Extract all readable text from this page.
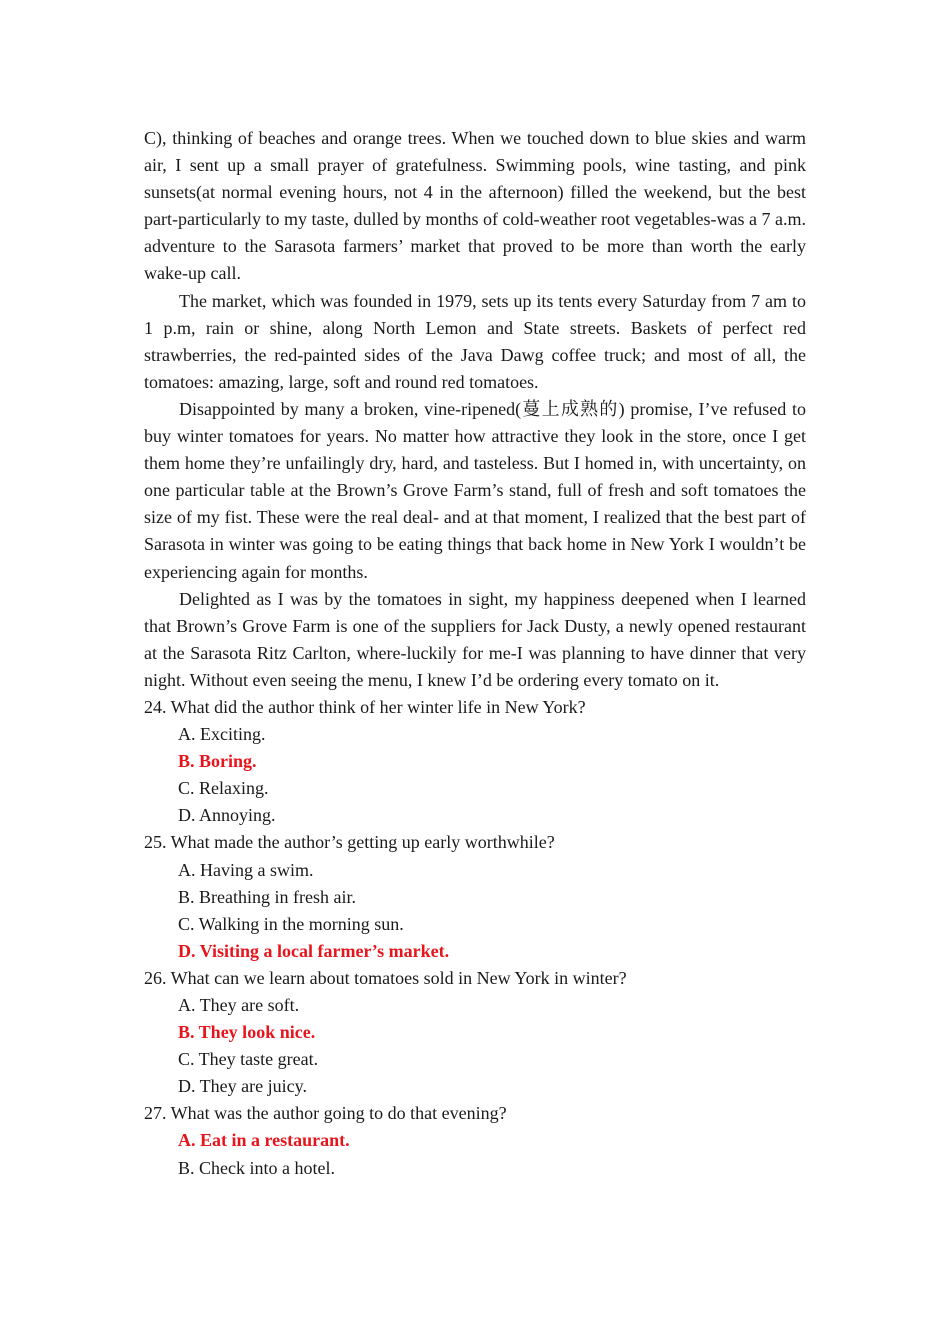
C), thinking of beaches and orange trees. When we touched down to blue skies and warm air, I sent up a small prayer of gratefulness. Swimming pools, wine tasting, and pink sunsets(at normal evening hours, not 4 in the afternoon) filled the weekend, but the best part-particularly to my taste, dulled by months of cold-weather root vegetables-was a 7 a.m. adventure to the Sarasota farmers’ market that proved to be more than worth the early wake-up call.

The market, which was founded in 1979, sets up its tents every Saturday from 7 am to 1 p.m, rain or shine, along North Lemon and State streets. Baskets of perfect red strawberries, the red-painted sides of the Java Dawg coffee truck; and most of all, the tomatoes: amazing, large, soft and round red tomatoes.

Disappointed by many a broken, vine-ripened(蔓上成熟的) promise, I’ve refused to buy winter tomatoes for years. No matter how attractive they look in the store, once I get them home they’re unfailingly dry, hard, and tasteless. But I homed in, with uncertainty, on one particular table at the Brown’s Grove Farm’s stand, full of fresh and soft tomatoes the size of my fist. These were the real deal- and at that moment, I realized that the best part of Sarasota in winter was going to be eating things that back home in New York I wouldn’t be experiencing again for months.

Delighted as I was by the tomatoes in sight, my happiness deepened when I learned that Brown’s Grove Farm is one of the suppliers for Jack Dusty, a newly opened restaurant at the Sarasota Ritz Carlton, where-luckily for me-I was planning to have dinner that very night. Without even seeing the menu, I knew I’d be ordering every tomato on it.

24. What did the author think of her winter life in New York?

A. Exciting.

B. Boring.

C. Relaxing.

D. Annoying.

25. What made the author’s getting up early worthwhile?

A. Having a swim.

B. Breathing in fresh air.

C. Walking in the morning sun.

D. Visiting a local farmer’s market.

26. What can we learn about tomatoes sold in New York in winter?

A. They are soft.

B. They look nice.

C. They taste great.

D. They are juicy.

27. What was the author going to do that evening?

A. Eat in a restaurant.

B. Check into a hotel.
